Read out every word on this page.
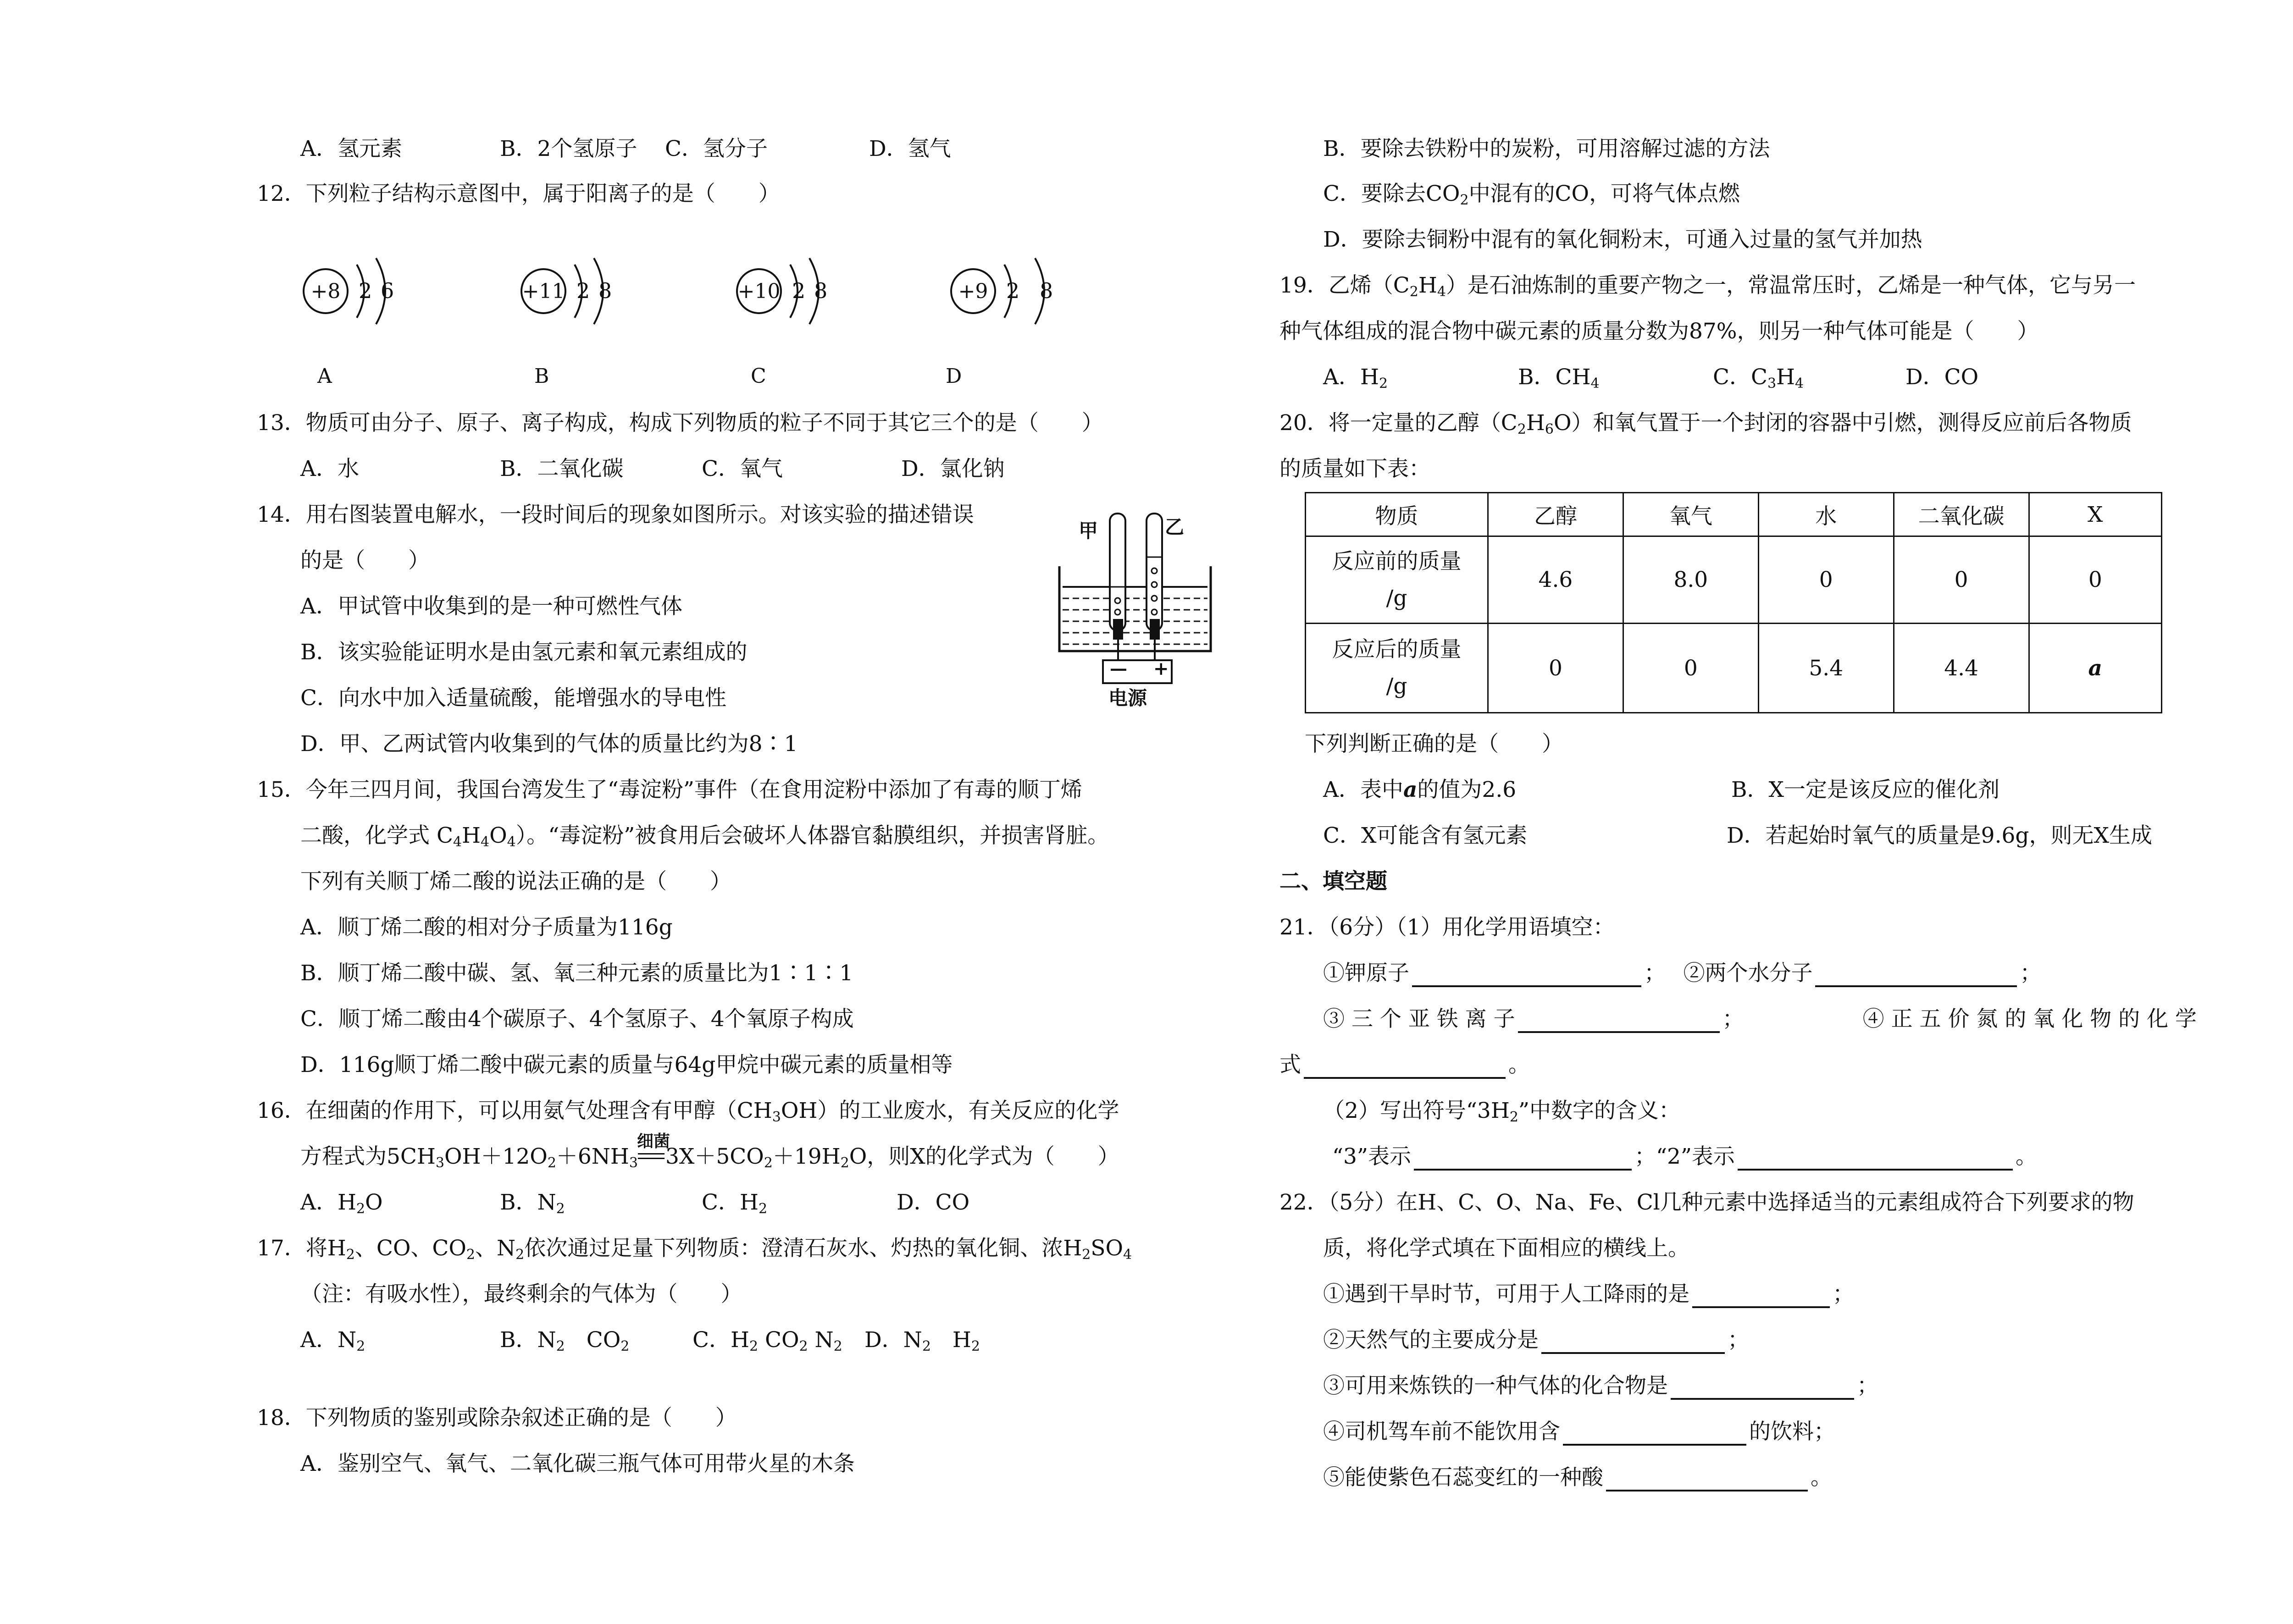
A．氢元素	B．2个氢原子 C．氢分子	D．氢气
12．下列粒子结构示意图中，属于阳离子的是（　　）
+8 2 6
A
+11 2 8
B
+10 2 8
C
+9 2 8
D
13．物质可由分子、原子、离子构成，构成下列物质的粒子不同于其它三个的是（　　）
A．水	B．二氧化碳	C．氧气	D．氯化钠
14．用右图装置电解水，一段时间后的现象如图所示。对该实验的描述错误
的是（　　）
A．甲试管中收集到的是一种可燃性气体
B．该实验能证明水是由氢元素和氧元素组成的
C．向水中加入适量硫酸，能增强水的导电性
D．甲、乙两试管内收集到的气体的质量比约为8∶1
甲	乙
— +
电源
15．今年三四月间，我国台湾发生了“毒淀粉”事件（在食用淀粉中添加了有毒的顺丁烯
二酸，化学式 $C_4H_4O_4$）。“毒淀粉”被食用后会破坏人体器官黏膜组织，并损害肾脏。
下列有关顺丁烯二酸的说法正确的是（　　）
A．顺丁烯二酸的相对分子质量为116g
B．顺丁烯二酸中碳、氢、氧三种元素的质量比为1∶1∶1
C．顺丁烯二酸由4个碳原子、4个氢原子、4个氧原子构成
D．116g顺丁烯二酸中碳元素的质量与64g甲烷中碳元素的质量相等
16．在细菌的作用下，可以用氨气处理含有甲醇$(CH_3OH)$的工业废水，有关反应的化学
方程式为$5CH_3OH+12O_2+6NH_3$
细菌
$3X+5CO_2+19H_2O$，则X的化学式为（　　）
A．$H_2O$	B．$N_2$	C．$H_2$	D．CO
17．将$H_2$、CO、$CO_2$、$N_2$依次通过足量下列物质：澄清石灰水、灼热的氧化铜、浓$H_2SO_4$
（注：有吸水性），最终剩余的气体为（　　）
A．$N_2$	B．$N_2$　 $CO_2$	C．$H_2$ $CO_2$ $N_2$ D．$N_2$　 $H_2$
18．下列物质的鉴别或除杂叙述正确的是（　　）
A．鉴别空气、氧气、二氧化碳三瓶气体可用带火星的木条
B．要除去铁粉中的炭粉，可用溶解过滤的方法
C．要除去$CO_2$中混有的CO，可将气体点燃
D．要除去铜粉中混有的氧化铜粉末，可通入过量的氢气并加热
19．乙烯$(C_2H_4)$是石油炼制的重要产物之一，常温常压时，乙烯是一种气体，它与另一
种气体组成的混合物中碳元素的质量分数为87%，则另一种气体可能是（　　）
A．$H_2$	B．$CH_4$	C．$C_3H_4$	D．CO
20．将一定量的乙醇$(C_2H_6O)$和氧气置于一个封闭的容器中引燃，测得反应前后各物质
的质量如下表：
物质	乙醇	氧气	水	二氧化碳	X

反应前的质量
/g	4.6	8.0	0	0	0

反应后的质量
/g	0	0	5.4	4.4	a
下列判断正确的是（　　）
A．表中a的值为2.6	B．X一定是该反应的催化剂
C．X可能含有氢元素	D．若起始时氧气的质量是9.6g，则无X生成
二、填空题
21．（6分）（1）用化学用语填空：
①钾原子	；　 ②两个水分子	；
③ 三 个 亚 铁 离 子	；	④ 正 五 价 氮 的 氧 化 物 的 化 学
式	。
（2）写出符号“$3H_2$”中数字的含义：
“3”表示	；“2”表示	。
22．（5分）在H、C、O、Na、Fe、Cl几种元素中选择适当的元素组成符合下列要求的物
质，将化学式填在下面相应的横线上。
①遇到干旱时节，可用于人工降雨的是	；
②天然气的主要成分是	；
③可用来炼铁的一种气体的化合物是	；
④司机驾车前不能饮用含	的饮料；
⑤能使紫色石蕊变红的一种酸	。
